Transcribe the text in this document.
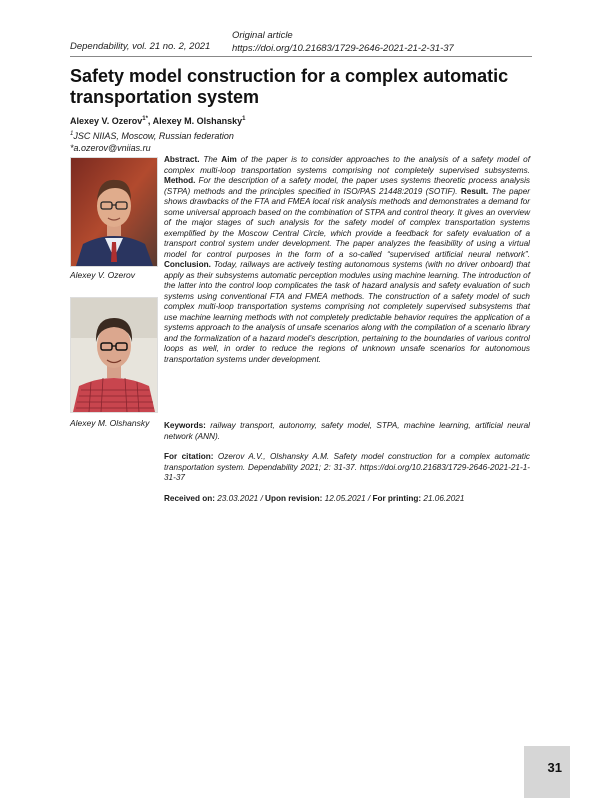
Dependability, vol. 21 no. 2, 2021
Original article
https://doi.org/10.21683/1729-2646-2021-21-2-31-37
Safety model construction for a complex automatic transportation system
Alexey V. Ozerov$^{1*}$, Alexey M. Olshansky$^1$
$^1$JSC NIIAS, Moscow, Russian federation
*a.ozerov@vniias.ru
Alexey V. Ozerov
Alexey M. Olshansky
Abstract. The Aim of the paper is to consider approaches to the analysis of a safety model of complex multi-loop transportation systems comprising not completely supervised subsystems. Method. For the description of a safety model, the paper uses systems theoretic process analysis (STPA) methods and the principles specified in ISO/PAS 21448:2019 (SOTIF). Result. The paper shows drawbacks of the FTA and FMEA local risk analysis methods and demonstrates a demand for some universal approach based on the combination of STPA and control theory. It gives an overview of the major stages of such analysis for the safety model of complex transportation systems exemplified by the Moscow Central Circle, which provide a feedback for safety evaluation of a transport control system under development. The paper analyzes the feasibility of using a virtual model for control purposes in the form of a so-called “supervised artificial neural network”. Conclusion. Today, railways are actively testing autonomous systems (with no driver onboard) that apply as their subsystems automatic perception modules using machine learning. The introduction of the latter into the control loop complicates the task of hazard analysis and safety evaluation of such systems using conventional FTA and FMEA methods. The construction of a safety model of such complex multi-loop transportation systems comprising not completely supervised subsystems that use machine learning methods with not completely predictable behavior requires the application of a systems approach to the analysis of unsafe scenarios along with the compilation of a scenario library and the formalization of a hazard model’s description, pertaining to the boundaries of various control loops as well, in order to reduce the regions of unknown unsafe scenarios for autonomous transportation systems under development.
Keywords: railway transport, autonomy, safety model, STPA, machine learning, artificial neural network (ANN).
For citation: Ozerov A.V., Olshansky A.M. Safety model construction for a complex automatic transportation system. Dependability 2021; 2: 31-37. https://doi.org/10.21683/1729-2646-2021-21-1-31-37
Received on: 23.03.2021 / Upon revision: 12.05.2021 / For printing: 21.06.2021
31
